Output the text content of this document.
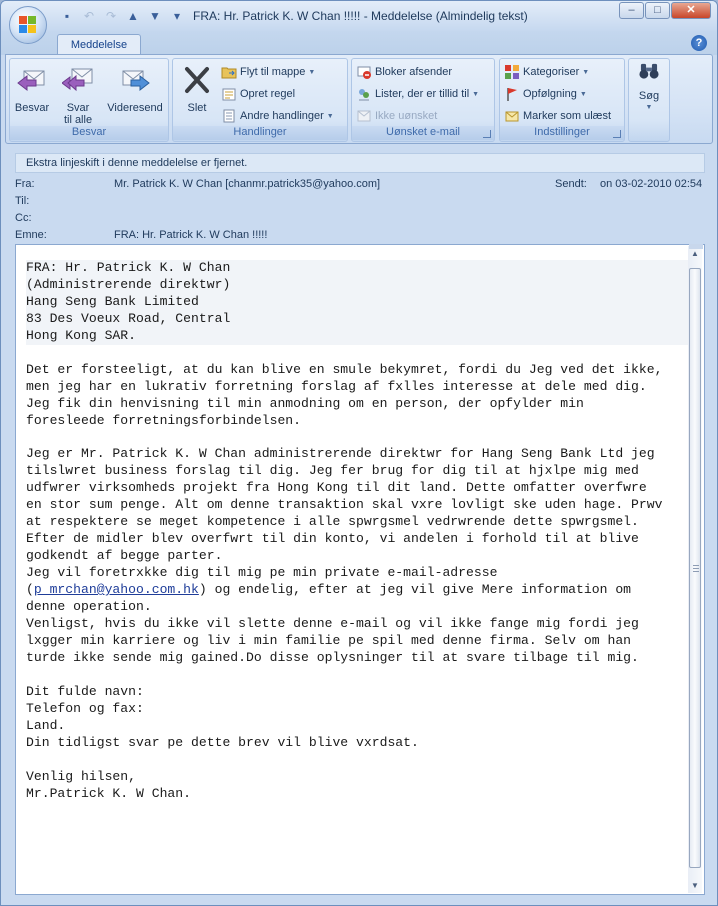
▪	↶ ↷ ▲ ▼	▾	FRA: Hr. Patrick K. W Chan !!!!! - Meddelelse (Almindelig tekst)	–	□	✕
Meddelelse	?
Besvar	Svar
til alle
Videresend
Besvar
Slet
Flyt til mappe ▼
Opret regel
Andre handlinger ▼
Handlinger
Bloker afsender
Lister, der er tillid til ▼
Ikke uønsket
Uønsket e-mail
Kategoriser ▼
Opfølgning ▼
Marker som ulæst
Indstillinger
Søg
▼
Ekstra linjeskift i denne meddelelse er fjernet.
Fra:	Mr. Patrick K. W Chan [chanmr.patrick35@yahoo.com]	Sendt: on 03-02-2010 02:54
Til:
Cc:
Emne:	FRA: Hr. Patrick K. W Chan !!!!!
FRA: Hr. Patrick K. W Chan
(Administrerende direktwr)
Hang Seng Bank Limited
83 Des Voeux Road, Central
Hong Kong SAR.

Det er forsteeligt, at du kan blive en smule bekymret, fordi du Jeg ved det ikke,
men jeg har en lukrativ forretning forslag af fxlles interesse at dele med dig.
Jeg fik din henvisning til min anmodning om en person, der opfylder min
foresleede forretningsforbindelsen.

Jeg er Mr. Patrick K. W Chan administrerende direktwr for Hang Seng Bank Ltd jeg
tilslwret business forslag til dig. Jeg fer brug for dig til at hjxlpe mig med
udfwrer virksomheds projekt fra Hong Kong til dit land. Dette omfatter overfwre
en stor sum penge. Alt om denne transaktion skal vxre lovligt ske uden hage. Prwv
at respektere se meget kompetence i alle spwrgsmel vedrwrende dette spwrgsmel.
Efter de midler blev overfwrt til din konto, vi andelen i forhold til at blive
godkendt af begge parter.
Jeg vil foretrxkke dig til mig pe min private e-mail-adresse
(p_mrchan@yahoo.com.hk) og endelig, efter at jeg vil give Mere information om
denne operation.
Venligst, hvis du ikke vil slette denne e-mail og vil ikke fange mig fordi jeg
lxgger min karriere og liv i min familie pe spil med denne firma. Selv om han
turde ikke sende mig gained.Do disse oplysninger til at svare tilbage til mig.

Dit fulde navn:
Telefon og fax:
Land.
Din tidligst svar pe dette brev vil blive vxrdsat.

Venlig hilsen,
Mr.Patrick K. W Chan.
▲
▼
